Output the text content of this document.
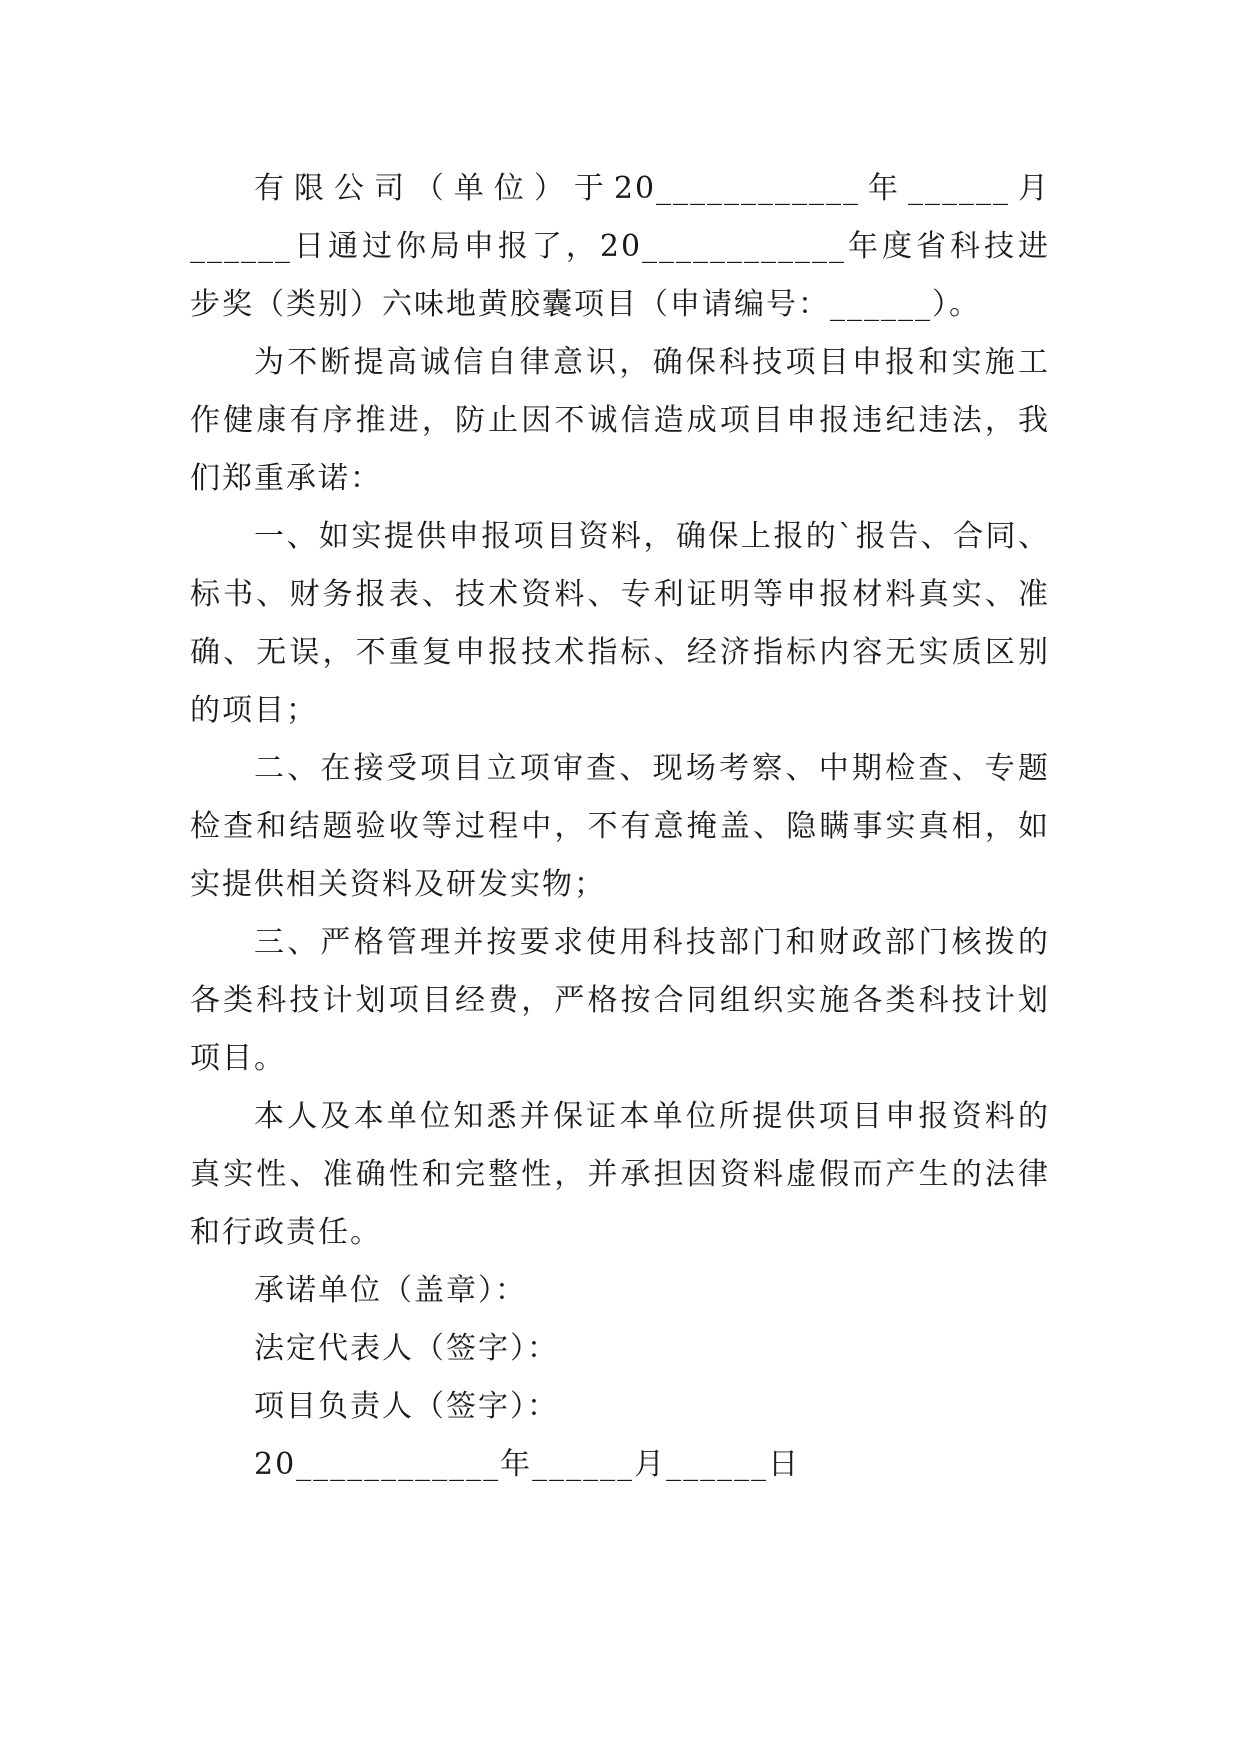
有限公司（单位）于20____________年______月______日通过你局申报了，20____________年度省科技进步奖（类别）六味地黄胶囊项目（申请编号：______）。

为不断提高诚信自律意识，确保科技项目申报和实施工作健康有序推进，防止因不诚信造成项目申报违纪违法，我们郑重承诺：

一、如实提供申报项目资料，确保上报的`报告、合同、标书、财务报表、技术资料、专利证明等申报材料真实、准确、无误，不重复申报技术指标、经济指标内容无实质区别的项目；

二、在接受项目立项审查、现场考察、中期检查、专题检查和结题验收等过程中，不有意掩盖、隐瞒事实真相，如实提供相关资料及研发实物；

三、严格管理并按要求使用科技部门和财政部门核拨的各类科技计划项目经费，严格按合同组织实施各类科技计划项目。

本人及本单位知悉并保证本单位所提供项目申报资料的真实性、准确性和完整性，并承担因资料虚假而产生的法律和行政责任。

承诺单位（盖章）：

法定代表人（签字）：

项目负责人（签字）：

20____________年______月______日
